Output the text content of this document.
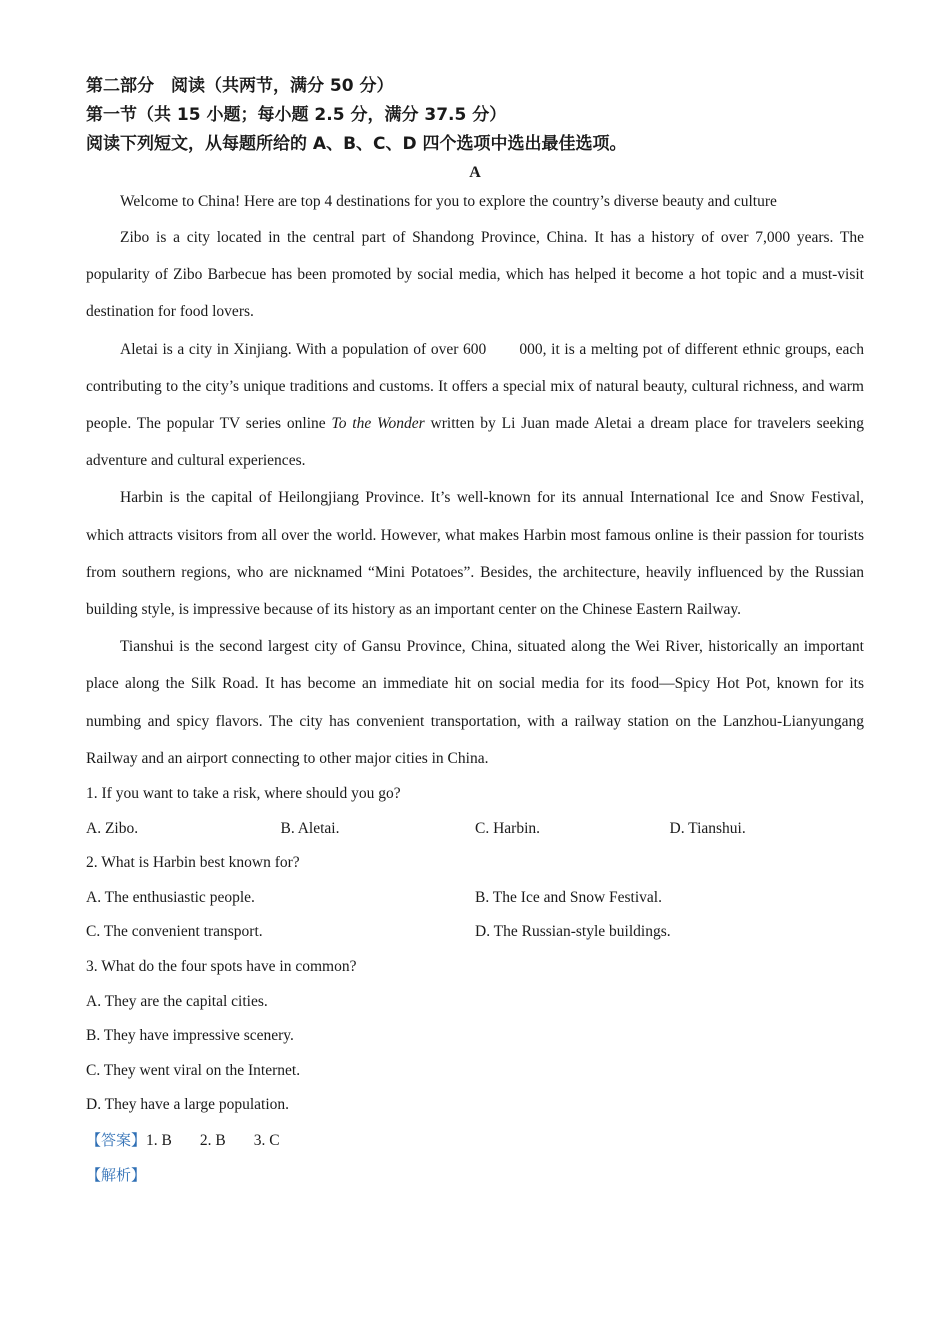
第二部分　阅读（共两节，满分 50 分）

第一节（共 15 小题；每小题 2.5 分，满分 37.5 分）

阅读下列短文，从每题所给的 A、B、C、D 四个选项中选出最佳选项。

A

Welcome to China! Here are top 4 destinations for you to explore the country’s diverse beauty and culture

Zibo is a city located in the central part of Shandong Province, China. It has a history of over 7,000 years. The popularity of Zibo Barbecue has been promoted by social media, which has helped it become a hot topic and a must-visit destination for food lovers.

Aletai is a city in Xinjiang. With a population of over 600　　000, it is a melting pot of different ethnic groups, each contributing to the city’s unique traditions and customs. It offers a special mix of natural beauty, cultural richness, and warm people. The popular TV series online To the Wonder written by Li Juan made Aletai a dream place for travelers seeking adventure and cultural experiences.

Harbin is the capital of Heilongjiang Province. It’s well-known for its annual International Ice and Snow Festival, which attracts visitors from all over the world. However, what makes Harbin most famous online is their passion for tourists from southern regions, who are nicknamed “Mini Potatoes”. Besides, the architecture, heavily influenced by the Russian building style, is impressive because of its history as an important center on the Chinese Eastern Railway.

Tianshui is the second largest city of Gansu Province, China, situated along the Wei River, historically an important place along the Silk Road. It has become an immediate hit on social media for its food—Spicy Hot Pot, known for its numbing and spicy flavors. The city has convenient transportation, with a railway station on the Lanzhou-Lianyungang Railway and an airport connecting to other major cities in China.

1. If you want to take a risk, where should you go?

A. Zibo.	B. Aletai.	C. Harbin.	D. Tianshui.

2. What is Harbin best known for?

A. The enthusiastic people.	B. The Ice and Snow Festival.
C. The convenient transport.	D. The Russian-style buildings.

3. What do the four spots have in common?

A. They are the capital cities.

B. They have impressive scenery.

C. They went viral on the Internet.

D. They have a large population.

【答案】1. B 2. B 3. C

【解析】
